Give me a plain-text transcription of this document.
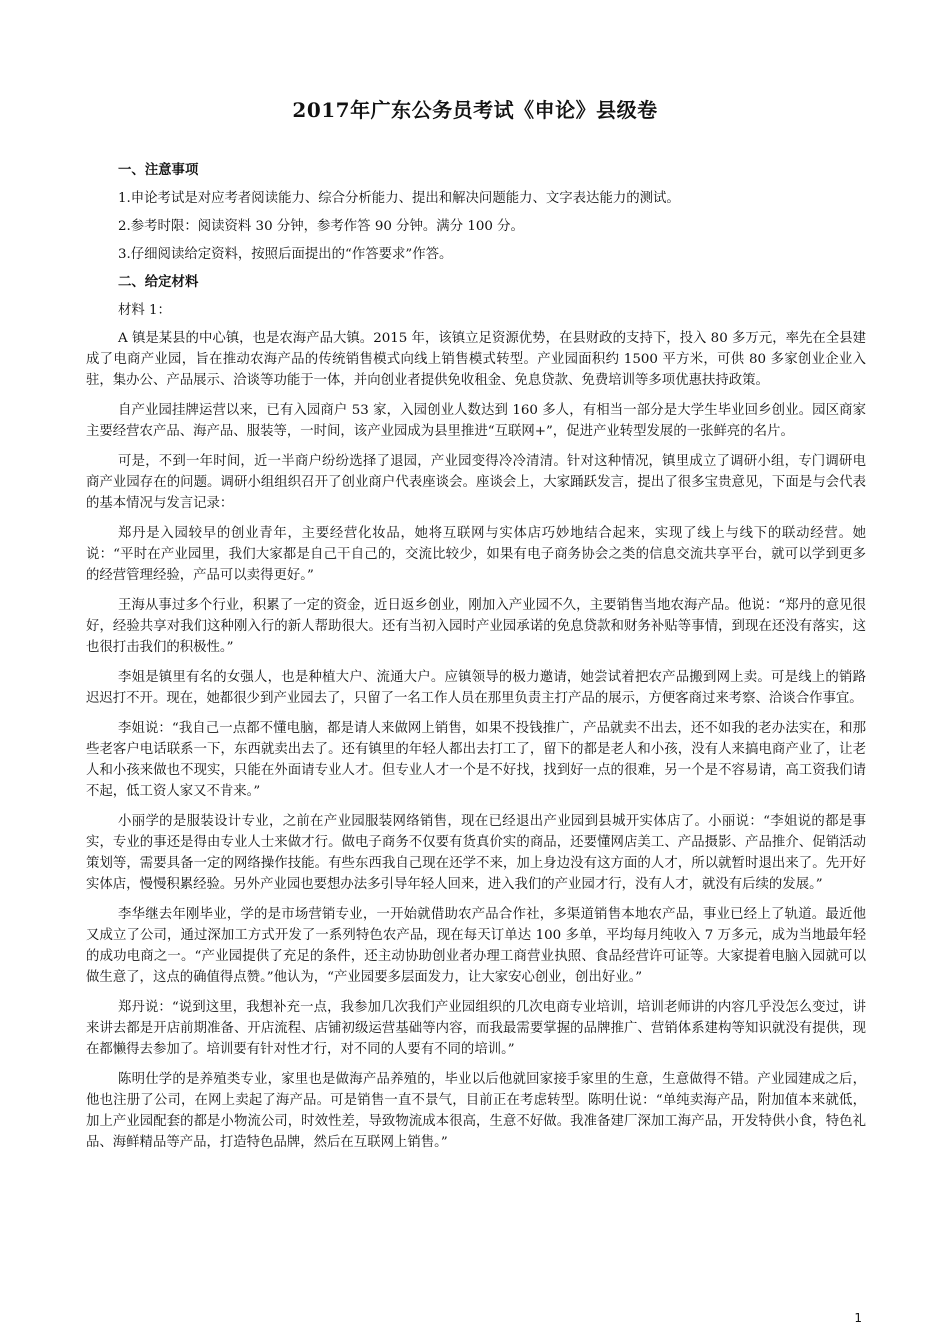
2017年广东公务员考试《申论》县级卷
一、注意事项
1.申论考试是对应考者阅读能力、综合分析能力、提出和解决问题能力、文字表达能力的测试。
2.参考时限：阅读资料 30 分钟，参考作答 90 分钟。满分 100 分。
3.仔细阅读给定资料，按照后面提出的“作答要求”作答。
二、给定材料
材料 1：

A 镇是某县的中心镇，也是农海产品大镇。2015 年，该镇立足资源优势，在县财政的支持下，投入 80 多万元，率先在全县建成了电商产业园，旨在推动农海产品的传统销售模式向线上销售模式转型。产业园面积约 1500 平方米，可供 80 多家创业企业入驻，集办公、产品展示、洽谈等功能于一体，并向创业者提供免收租金、免息贷款、免费培训等多项优惠扶持政策。

自产业园挂牌运营以来，已有入园商户 53 家，入园创业人数达到 160 多人，有相当一部分是大学生毕业回乡创业。园区商家主要经营农产品、海产品、服装等，一时间，该产业园成为县里推进“互联网+”，促进产业转型发展的一张鲜亮的名片。

可是，不到一年时间，近一半商户纷纷选择了退园，产业园变得冷冷清清。针对这种情况，镇里成立了调研小组，专门调研电商产业园存在的问题。调研小组组织召开了创业商户代表座谈会。座谈会上，大家踊跃发言，提出了很多宝贵意见，下面是与会代表的基本情况与发言记录：

郑丹是入园较早的创业青年，主要经营化妆品，她将互联网与实体店巧妙地结合起来，实现了线上与线下的联动经营。她说：“平时在产业园里，我们大家都是自己干自己的，交流比较少，如果有电子商务协会之类的信息交流共享平台，就可以学到更多的经营管理经验，产品可以卖得更好。”

王海从事过多个行业，积累了一定的资金，近日返乡创业，刚加入产业园不久，主要销售当地农海产品。他说：“郑丹的意见很好，经验共享对我们这种刚入行的新人帮助很大。还有当初入园时产业园承诺的免息贷款和财务补贴等事情，到现在还没有落实，这也很打击我们的积极性。”

李姐是镇里有名的女强人，也是种植大户、流通大户。应镇领导的极力邀请，她尝试着把农产品搬到网上卖。可是线上的销路迟迟打不开。现在，她都很少到产业园去了，只留了一名工作人员在那里负责主打产品的展示，方便客商过来考察、洽谈合作事宜。

李姐说：“我自己一点都不懂电脑，都是请人来做网上销售，如果不投钱推广，产品就卖不出去，还不如我的老办法实在，和那些老客户电话联系一下，东西就卖出去了。还有镇里的年轻人都出去打工了，留下的都是老人和小孩，没有人来搞电商产业了，让老人和小孩来做也不现实，只能在外面请专业人才。但专业人才一个是不好找，找到好一点的很难，另一个是不容易请，高工资我们请不起，低工资人家又不肯来。”

小丽学的是服装设计专业，之前在产业园服装网络销售，现在已经退出产业园到县城开实体店了。小丽说：“李姐说的都是事实，专业的事还是得由专业人士来做才行。做电子商务不仅要有货真价实的商品，还要懂网店美工、产品摄影、产品推介、促销活动策划等，需要具备一定的网络操作技能。有些东西我自己现在还学不来，加上身边没有这方面的人才，所以就暂时退出来了。先开好实体店，慢慢积累经验。另外产业园也要想办法多引导年轻人回来，进入我们的产业园才行，没有人才，就没有后续的发展。”

李华继去年刚毕业，学的是市场营销专业，一开始就借助农产品合作社，多渠道销售本地农产品，事业已经上了轨道。最近他又成立了公司，通过深加工方式开发了一系列特色农产品，现在每天订单达 100 多单，平均每月纯收入 7 万多元，成为当地最年轻的成功电商之一。“产业园提供了充足的条件，还主动协助创业者办理工商营业执照、食品经营许可证等。大家提着电脑入园就可以做生意了，这点的确值得点赞。”他认为，“产业园要多层面发力，让大家安心创业，创出好业。”

郑丹说：“说到这里，我想补充一点，我参加几次我们产业园组织的几次电商专业培训，培训老师讲的内容几乎没怎么变过，讲来讲去都是开店前期准备、开店流程、店铺初级运营基础等内容，而我最需要掌握的品牌推广、营销体系建构等知识就没有提供，现在都懒得去参加了。培训要有针对性才行，对不同的人要有不同的培训。”

陈明仕学的是养殖类专业，家里也是做海产品养殖的，毕业以后他就回家接手家里的生意，生意做得不错。产业园建成之后，他也注册了公司，在网上卖起了海产品。可是销售一直不景气，目前正在考虑转型。陈明仕说：“单纯卖海产品，附加值本来就低，加上产业园配套的都是小物流公司，时效性差，导致物流成本很高，生意不好做。我准备建厂深加工海产品，开发特供小食，特色礼品、海鲜精品等产品，打造特色品牌，然后在互联网上销售。”

1
